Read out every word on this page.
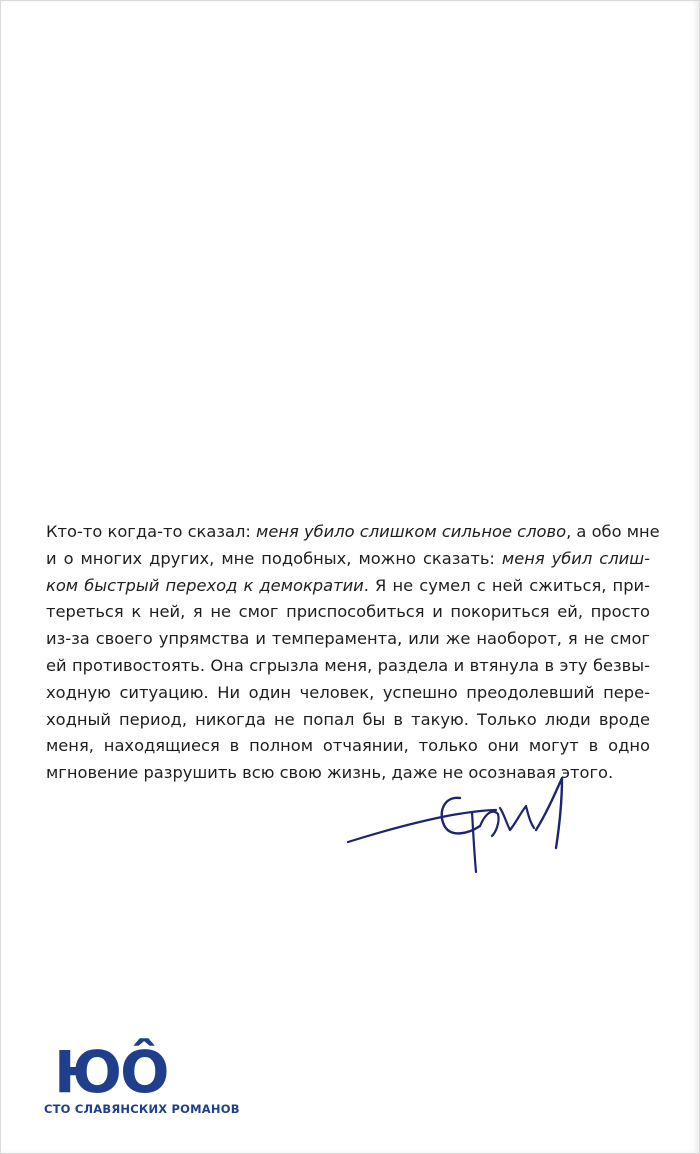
Кто-то когда-то сказал: меня убило слишком сильное слово, а обо мне
и о многих других, мне подобных, можно сказать: меня убил слиш-
ком быстрый переход к демократии. Я не сумел с ней сжиться, при-
тереться к ней, я не смог приспособиться и покориться ей, просто
из-за своего упрямства и темперамента, или же наоборот, я не смог
ей противостоять. Она сгрызла меня, раздела и втянула в эту безвы-
ходную ситуацию. Ни один человек, успешно преодолевший пере-
ходный период, никогда не попал бы в такую. Только люди вроде
меня, находящиеся в полном отчаянии, только они могут в одно
мгновение разрушить всю свою жизнь, даже не осознавая этого.
ЮÔ
СТО СЛАВЯНСКИХ РОМАНОВ
